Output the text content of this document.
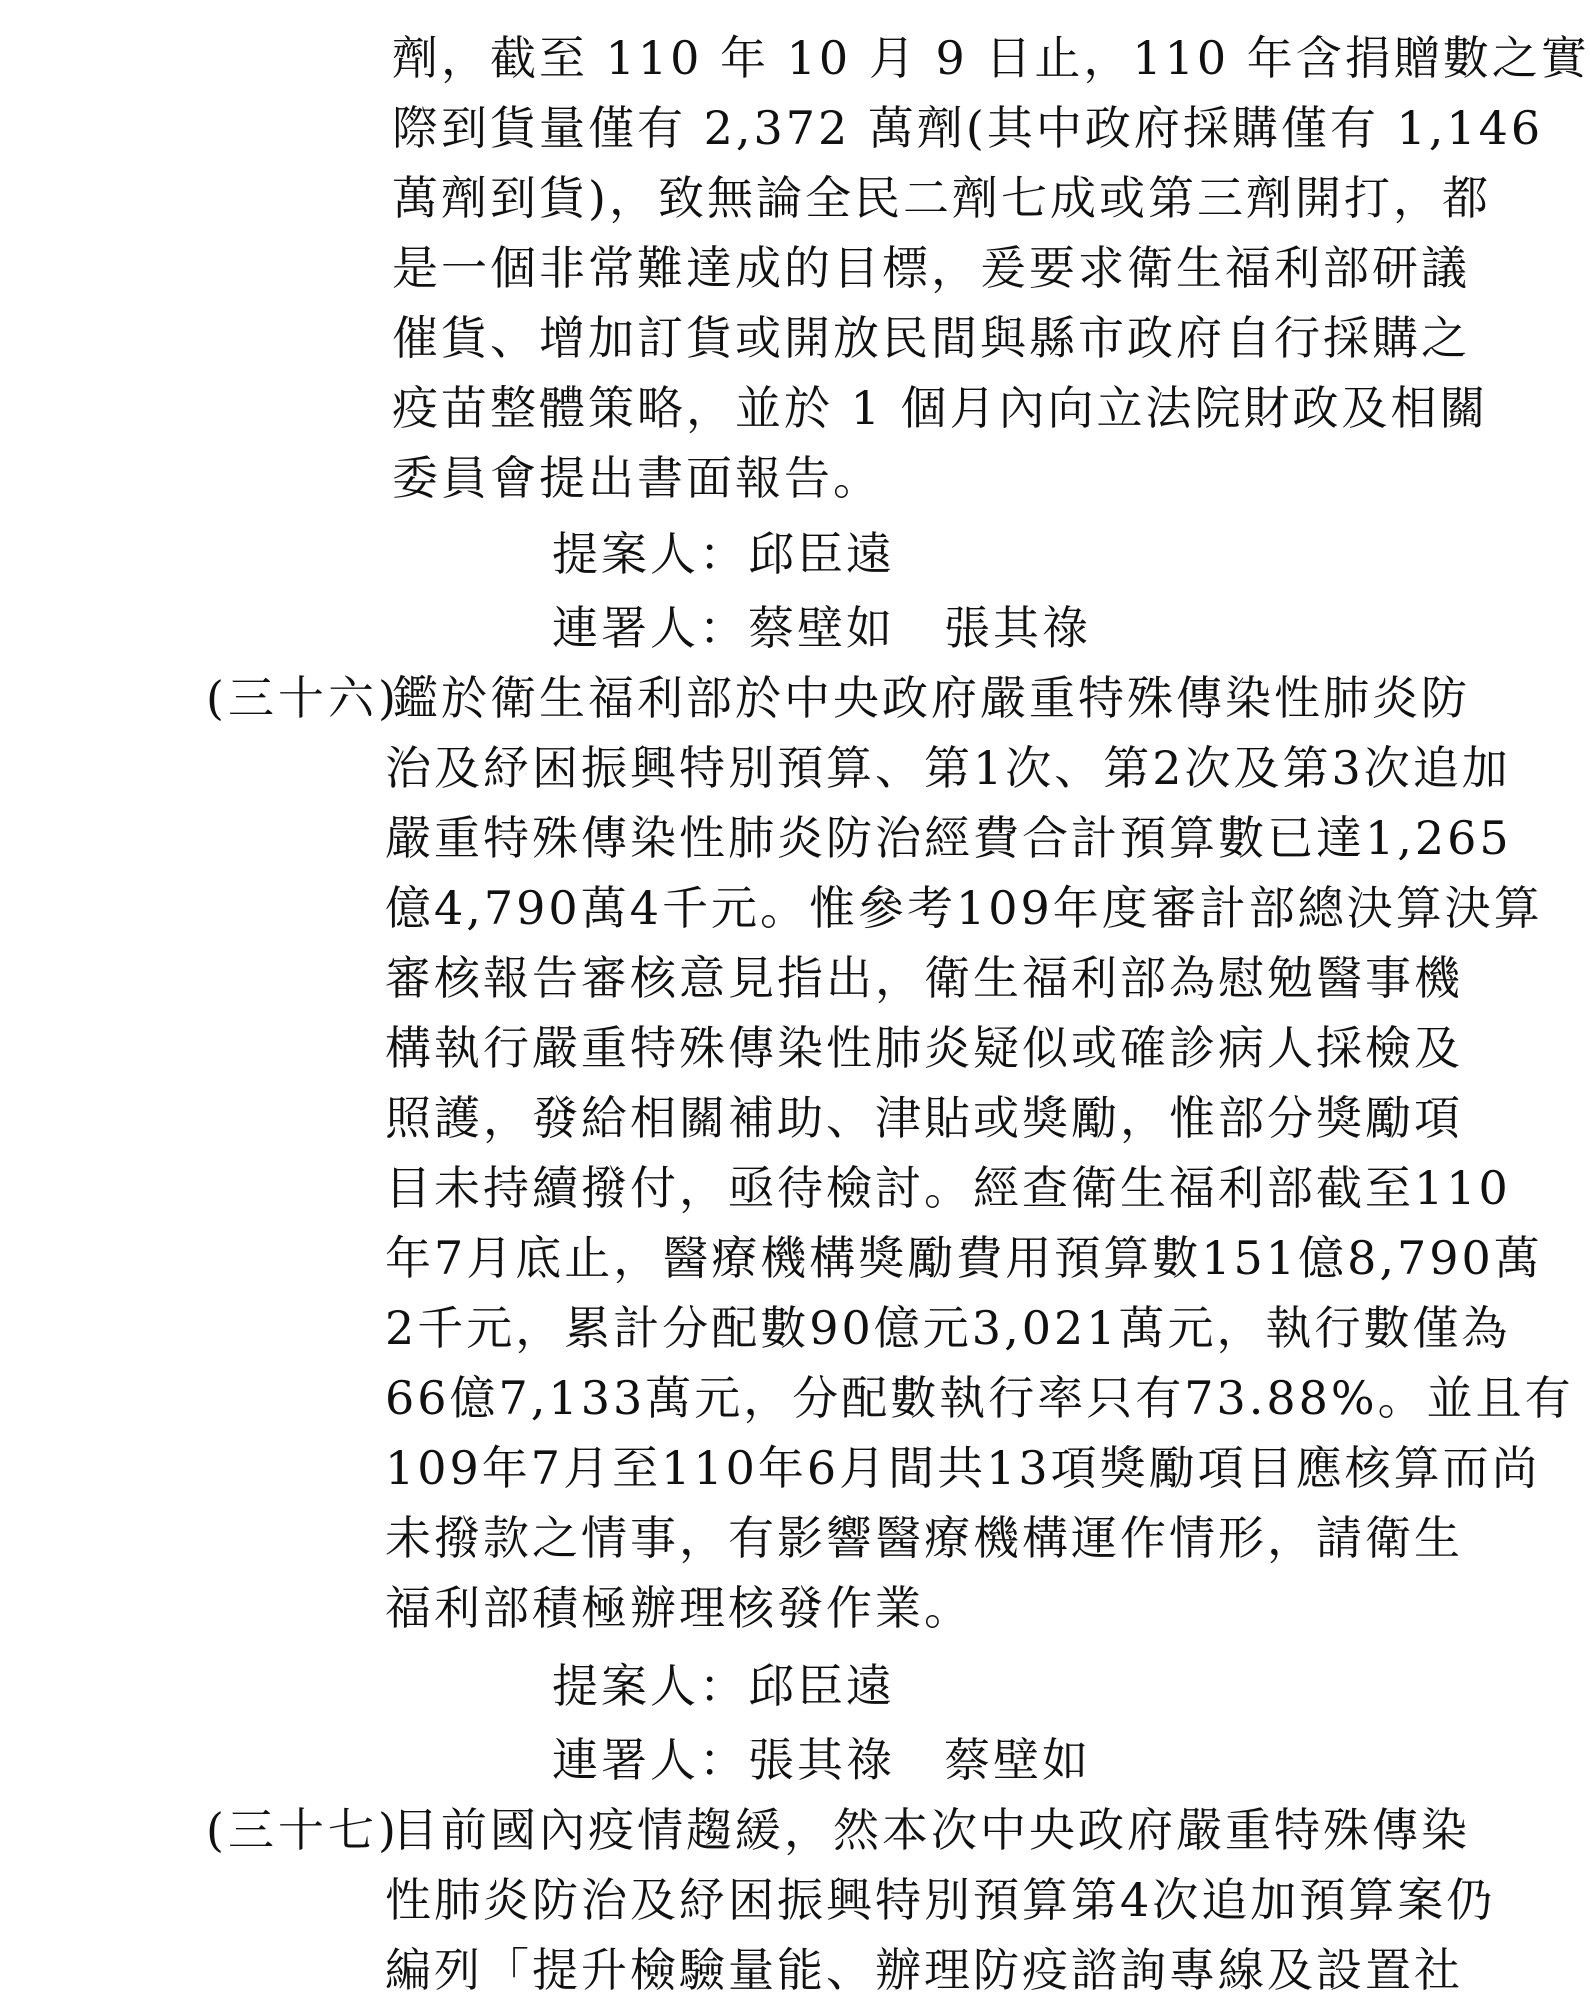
劑，截至 110 年 10 月 9 日止，110 年含捐贈數之實
際到貨量僅有 2,372 萬劑(其中政府採購僅有 1,146
萬劑到貨)，致無論全民二劑七成或第三劑開打，都
是一個非常難達成的目標，爰要求衛生福利部研議
催貨、增加訂貨或開放民間與縣市政府自行採購之
疫苗整體策略，並於 1 個月內向立法院財政及相關
委員會提出書面報告。
提案人：邱臣遠
連署人：蔡壁如　張其祿
(三十六)
鑑於衛生福利部於中央政府嚴重特殊傳染性肺炎防
治及紓困振興特別預算、第1次、第2次及第3次追加
嚴重特殊傳染性肺炎防治經費合計預算數已達1,265
億4,790萬4千元。惟參考109年度審計部總決算決算
審核報告審核意見指出，衛生福利部為慰勉醫事機
構執行嚴重特殊傳染性肺炎疑似或確診病人採檢及
照護，發給相關補助、津貼或獎勵，惟部分獎勵項
目未持續撥付，亟待檢討。經查衛生福利部截至110
年7月底止，醫療機構獎勵費用預算數151億8,790萬
2千元，累計分配數90億元3,021萬元，執行數僅為
66億7,133萬元，分配數執行率只有73.88%。並且有
109年7月至110年6月間共13項獎勵項目應核算而尚
未撥款之情事，有影響醫療機構運作情形，請衛生
福利部積極辦理核發作業。
提案人：邱臣遠
連署人：張其祿　蔡壁如
(三十七)
目前國內疫情趨緩，然本次中央政府嚴重特殊傳染
性肺炎防治及紓困振興特別預算第4次追加預算案仍
編列「提升檢驗量能、辦理防疫諮詢專線及設置社
